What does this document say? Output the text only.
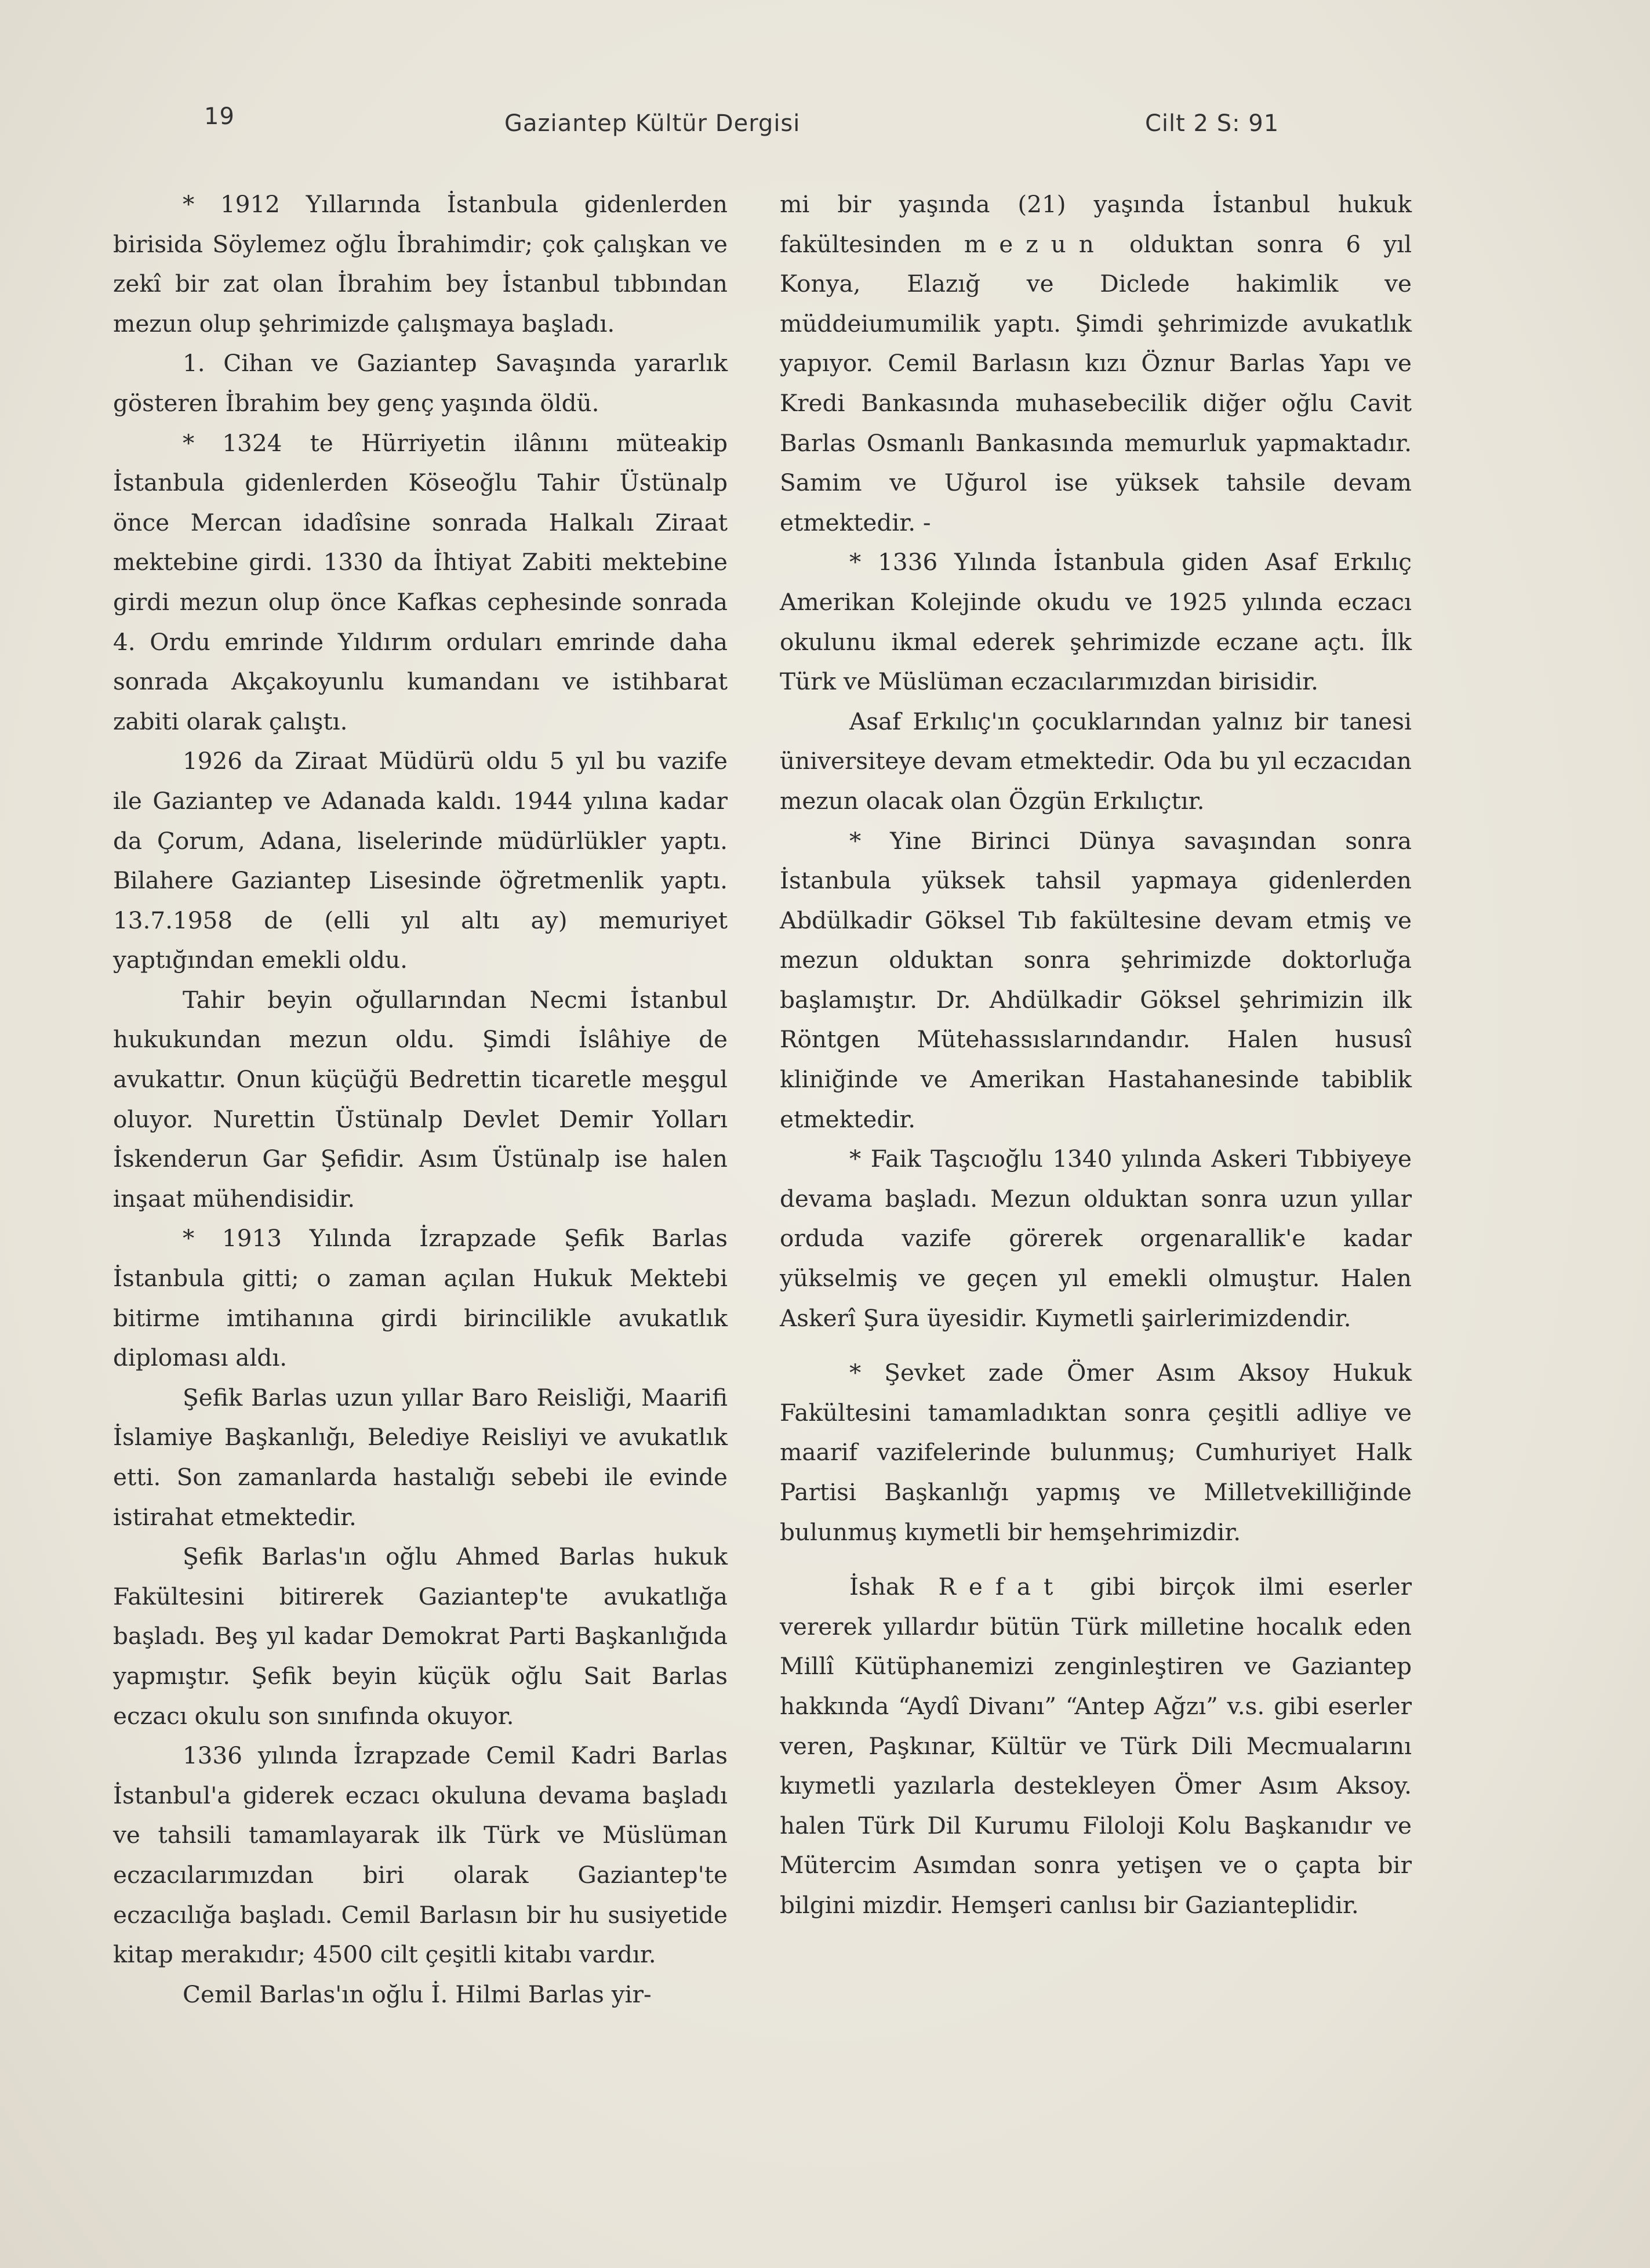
19	Gaziantep Kültür Dergisi	Cilt 2 S: 91

* 1912 Yıllarında İstanbula gidenlerden birisida Söylemez oğlu İbrahimdir; çok çalışkan ve zekî bir zat olan İbrahim bey İstanbul tıbbından mezun olup şehrimizde çalışmaya başladı.

1. Cihan ve Gaziantep Savaşında yararlık gösteren İbrahim bey genç yaşında öldü.

* 1324 te Hürriyetin ilânını müteakip İstanbula gidenlerden Köseoğlu Tahir Üstünalp önce Mercan idadîsine sonrada Halkalı Ziraat mektebine girdi. 1330 da İhtiyat Zabiti mektebine girdi mezun olup önce Kafkas cephesinde sonrada 4. Ordu emrinde Yıldırım orduları emrinde daha sonrada Akçakoyunlu kumandanı ve istihbarat zabiti olarak çalıştı.

1926 da Ziraat Müdürü oldu 5 yıl bu vazife ile Gaziantep ve Adanada kaldı. 1944 yılına kadar da Çorum, Adana, liselerinde müdürlükler yaptı. Bilahere Gaziantep Lisesinde öğretmenlik yaptı. 13.7.1958 de (elli yıl altı ay) memuriyet yaptığından emekli oldu.

Tahir beyin oğullarından Necmi İstanbul hukukundan mezun oldu. Şimdi İslâhiye de avukattır. Onun küçüğü Bedrettin ticaretle meşgul oluyor. Nurettin Üstünalp Devlet Demir Yolları İskenderun Gar Şefidir. Asım Üstünalp ise halen inşaat mühendisidir.

* 1913 Yılında İzrapzade Şefik Barlas İstanbula gitti; o zaman açılan Hukuk Mektebi bitirme imtihanına girdi birincilikle avukatlık diploması aldı.

Şefik Barlas uzun yıllar Baro Reisliği, Maarifi İslamiye Başkanlığı, Belediye Reisliyi ve avukatlık etti. Son zamanlarda hastalığı sebebi ile evinde istirahat etmektedir.

Şefik Barlas'ın oğlu Ahmed Barlas hukuk Fakültesini bitirerek Gaziantep'te avukatlığa başladı. Beş yıl kadar Demokrat Parti Başkanlığıda yapmıştır. Şefik beyin küçük oğlu Sait Barlas eczacı okulu son sınıfında okuyor.

1336 yılında İzrapzade Cemil Kadri Barlas İstanbul'a giderek eczacı okuluna devama başladı ve tahsili tamamlayarak ilk Türk ve Müslüman eczacılarımızdan biri olarak Gaziantep'te eczacılığa başladı. Cemil Barlasın bir hu susiyetide kitap merakıdır; 4500 cilt çeşitli kitabı vardır.

Cemil Barlas'ın oğlu İ. Hilmi Barlas yir-

mi bir yaşında (21) yaşında İstanbul hukuk fakültesinden mezun olduktan sonra 6 yıl Konya, Elazığ ve Diclede hakimlik ve müddeiumumilik yaptı. Şimdi şehrimizde avukatlık yapıyor. Cemil Barlasın kızı Öznur Barlas Yapı ve Kredi Bankasında muhasebecilik diğer oğlu Cavit Barlas Osmanlı Bankasında memurluk yapmaktadır. Samim ve Uğurol ise yüksek tahsile devam etmektedir. -

* 1336 Yılında İstanbula giden Asaf Erkılıç Amerikan Kolejinde okudu ve 1925 yılında eczacı okulunu ikmal ederek şehrimizde eczane açtı. İlk Türk ve Müslüman eczacılarımızdan birisidir.

Asaf Erkılıç'ın çocuklarından yalnız bir tanesi üniversiteye devam etmektedir. Oda bu yıl eczacıdan mezun olacak olan Özgün Erkılıçtır.

* Yine Birinci Dünya savaşından sonra İstanbula yüksek tahsil yapmaya gidenlerden Abdülkadir Göksel Tıb fakültesine devam etmiş ve mezun olduktan sonra şehrimizde doktorluğa başlamıştır. Dr. Ahdülkadir Göksel şehrimizin ilk Röntgen Mütehassıslarındandır. Halen hususî kliniğinde ve Amerikan Hastahanesinde tabiblik etmektedir.

* Faik Taşcıoğlu 1340 yılında Askeri Tıbbiyeye devama başladı. Mezun olduktan sonra uzun yıllar orduda vazife görerek orgenarallik'e kadar yükselmiş ve geçen yıl emekli olmuştur. Halen Askerî Şura üyesidir. Kıymetli şairlerimizdendir.

* Şevket zade Ömer Asım Aksoy Hukuk Fakültesini tamamladıktan sonra çeşitli adliye ve maarif vazifelerinde bulunmuş; Cumhuriyet Halk Partisi Başkanlığı yapmış ve Milletvekilliğinde bulunmuş kıymetli bir hemşehrimizdir.

İshak Refat gibi birçok ilmi eserler vererek yıllardır bütün Türk milletine hocalık eden Millî Kütüphanemizi zenginleştiren ve Gaziantep hakkında “Aydî Divanı” “Antep Ağzı” v.s. gibi eserler veren, Paşkınar, Kültür ve Türk Dili Mecmualarını kıymetli yazılarla destekleyen Ömer Asım Aksoy. halen Türk Dil Kurumu Filoloji Kolu Başkanıdır ve Mütercim Asımdan sonra yetişen ve o çapta bir bilgini mizdir. Hemşeri canlısı bir Gazianteplidir.
